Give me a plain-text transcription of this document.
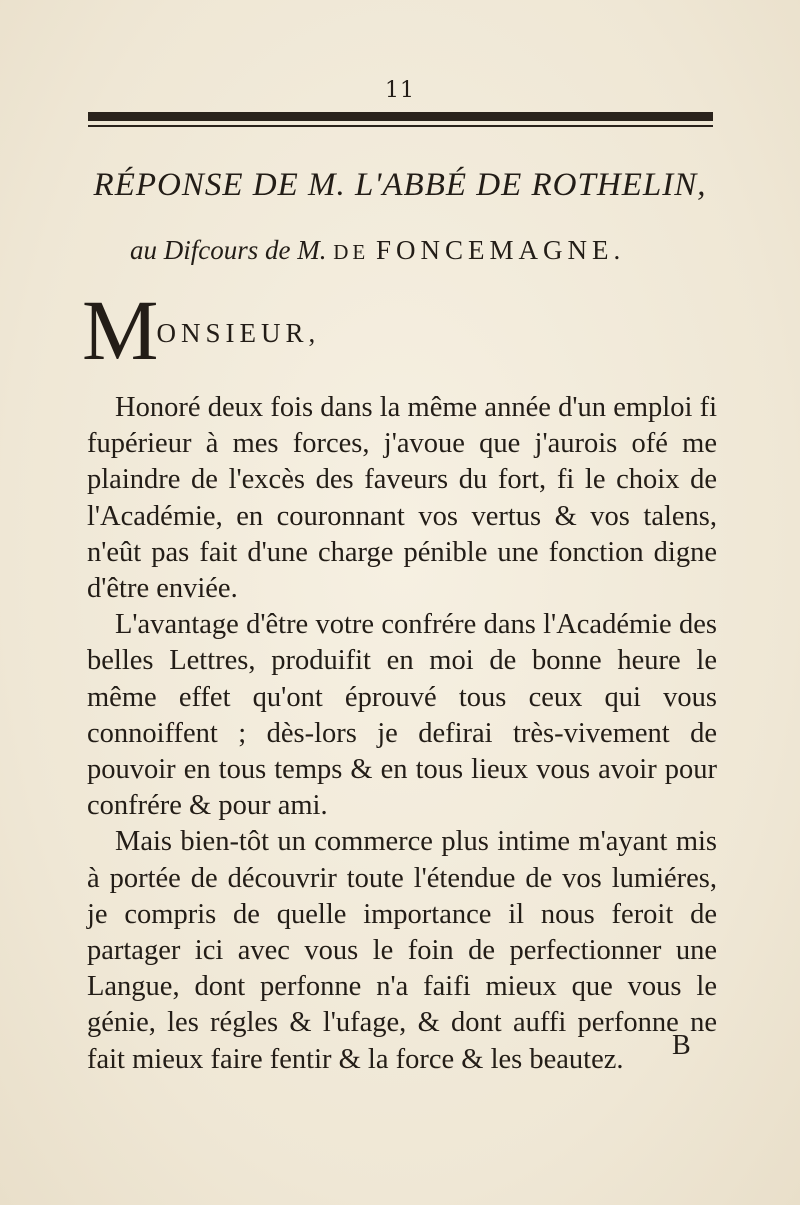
11
RÉPONSE DE M. L'ABBÉ DE ROTHELIN,
au Difcours de M. DE FONCEMAGNE.
MONSIEUR,

Honoré deux fois dans la même année d'un emploi fi fupérieur à mes forces, j'avoue que j'aurois ofé me plaindre de l'excès des faveurs du fort, fi le choix de l'Académie, en couronnant vos vertus & vos talens, n'eût pas fait d'une charge pénible une fonction digne d'être enviée.

L'avantage d'être votre confrére dans l'Académie des belles Lettres, produifit en moi de bonne heure le même effet qu'ont éprouvé tous ceux qui vous connoiffent ; dès-lors je defirai très-vivement de pouvoir en tous temps & en tous lieux vous avoir pour confrére & pour ami.

Mais bien-tôt un commerce plus intime m'ayant mis à portée de découvrir toute l'étendue de vos lumiéres, je compris de quelle importance il nous feroit de partager ici avec vous le foin de perfectionner une Langue, dont perfonne n'a faifi mieux que vous le génie, les régles & l'ufage, & dont auffi perfonne ne fait mieux faire fentir & la force & les beautez.	B
